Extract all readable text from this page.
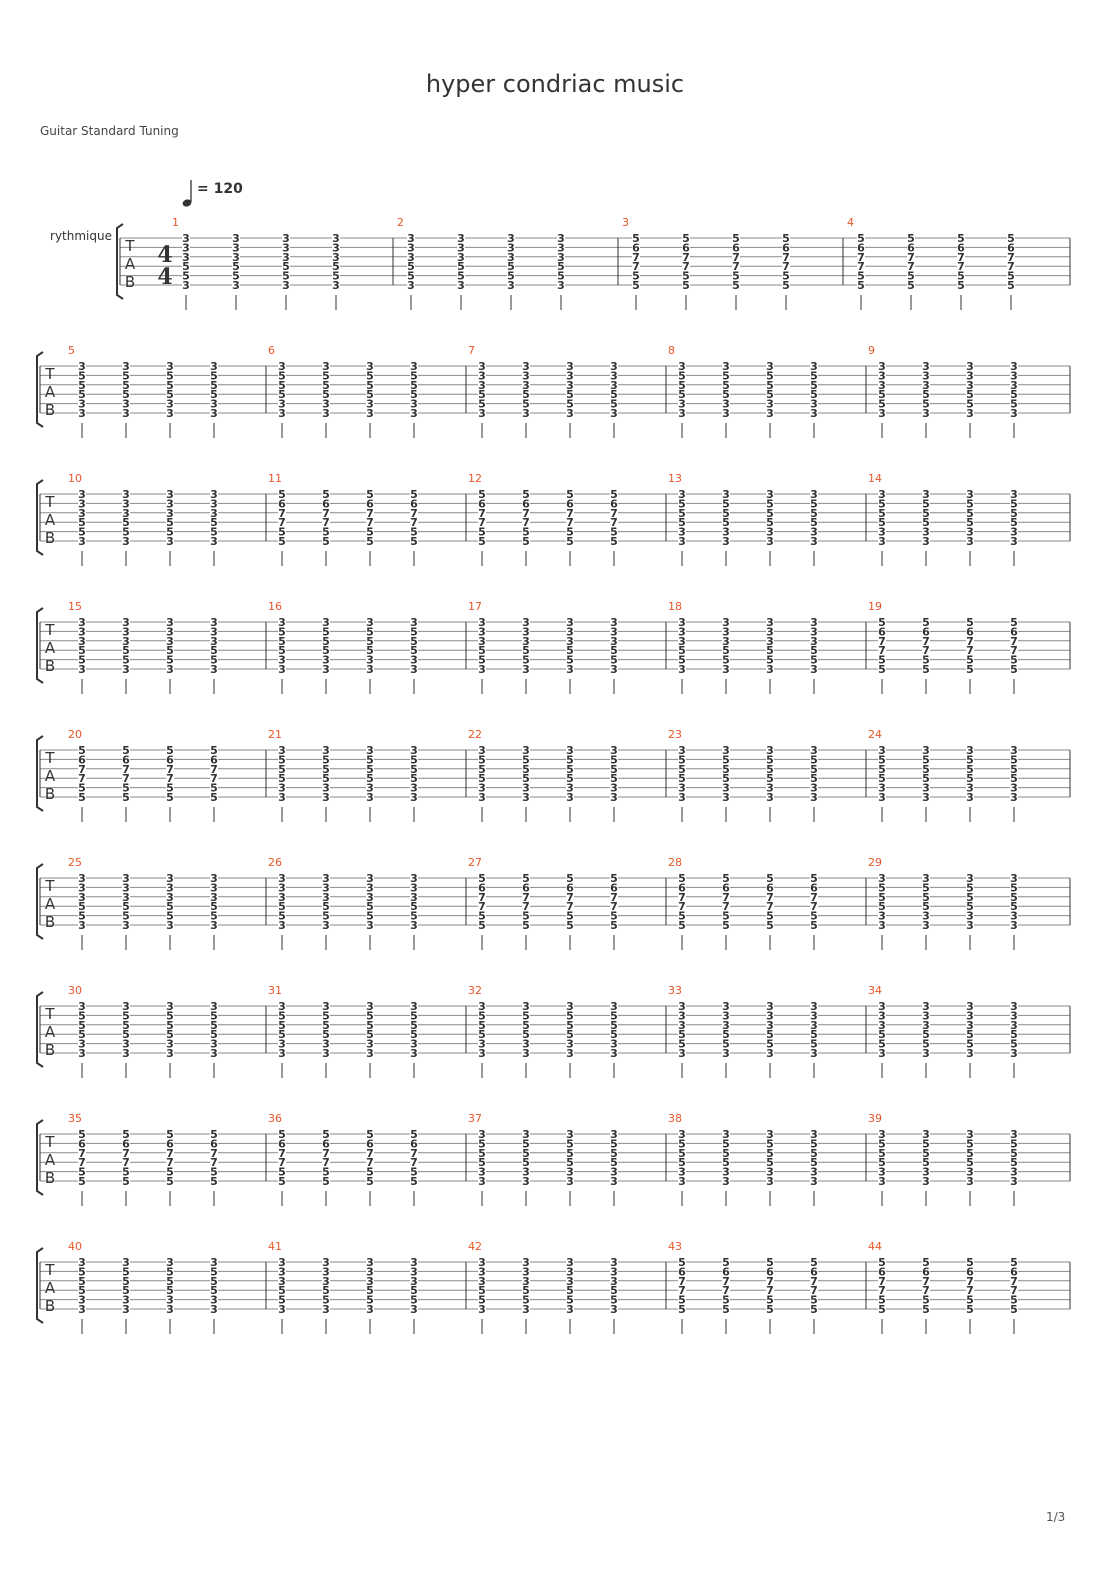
hyper condriac music
Guitar Standard Tuning
T
A
B
rythmique
4
4
= 120
1
3
3
3
5
5
3
3
3
3
5
5
3
3
3
3
5
5
3
3
3
3
5
5
3
2
3
3
3
5
5
3
3
3
3
5
5
3
3
3
3
5
5
3
3
3
3
5
5
3
3
5
6
7
7
5
5
5
6
7
7
5
5
5
6
7
7
5
5
5
6
7
7
5
5
4
5
6
7
7
5
5
5
6
7
7
5
5
5
6
7
7
5
5
5
6
7
7
5
5
T
A
B
5
3
5
5
5
3
3
3
5
5
5
3
3
3
5
5
5
3
3
3
5
5
5
3
3
6
3
5
5
5
3
3
3
5
5
5
3
3
3
5
5
5
3
3
3
5
5
5
3
3
7
3
3
3
5
5
3
3
3
3
5
5
3
3
3
3
5
5
3
3
3
3
5
5
3
8
3
5
5
5
3
3
3
5
5
5
3
3
3
5
5
5
3
3
3
5
5
5
3
3
9
3
3
3
5
5
3
3
3
3
5
5
3
3
3
3
5
5
3
3
3
3
5
5
3
T
A
B
10
3
3
3
5
5
3
3
3
3
5
5
3
3
3
3
5
5
3
3
3
3
5
5
3
11
5
6
7
7
5
5
5
6
7
7
5
5
5
6
7
7
5
5
5
6
7
7
5
5
12
5
6
7
7
5
5
5
6
7
7
5
5
5
6
7
7
5
5
5
6
7
7
5
5
13
3
5
5
5
3
3
3
5
5
5
3
3
3
5
5
5
3
3
3
5
5
5
3
3
14
3
5
5
5
3
3
3
5
5
5
3
3
3
5
5
5
3
3
3
5
5
5
3
3
T
A
B
15
3
3
3
5
5
3
3
3
3
5
5
3
3
3
3
5
5
3
3
3
3
5
5
3
16
3
5
5
5
3
3
3
5
5
5
3
3
3
5
5
5
3
3
3
5
5
5
3
3
17
3
3
3
5
5
3
3
3
3
5
5
3
3
3
3
5
5
3
3
3
3
5
5
3
18
3
3
3
5
5
3
3
3
3
5
5
3
3
3
3
5
5
3
3
3
3
5
5
3
19
5
6
7
7
5
5
5
6
7
7
5
5
5
6
7
7
5
5
5
6
7
7
5
5
T
A
B
20
5
6
7
7
5
5
5
6
7
7
5
5
5
6
7
7
5
5
5
6
7
7
5
5
21
3
5
5
5
3
3
3
5
5
5
3
3
3
5
5
5
3
3
3
5
5
5
3
3
22
3
5
5
5
3
3
3
5
5
5
3
3
3
5
5
5
3
3
3
5
5
5
3
3
23
3
5
5
5
3
3
3
5
5
5
3
3
3
5
5
5
3
3
3
5
5
5
3
3
24
3
5
5
5
3
3
3
5
5
5
3
3
3
5
5
5
3
3
3
5
5
5
3
3
T
A
B
25
3
3
3
5
5
3
3
3
3
5
5
3
3
3
3
5
5
3
3
3
3
5
5
3
26
3
3
3
5
5
3
3
3
3
5
5
3
3
3
3
5
5
3
3
3
3
5
5
3
27
5
6
7
7
5
5
5
6
7
7
5
5
5
6
7
7
5
5
5
6
7
7
5
5
28
5
6
7
7
5
5
5
6
7
7
5
5
5
6
7
7
5
5
5
6
7
7
5
5
29
3
5
5
5
3
3
3
5
5
5
3
3
3
5
5
5
3
3
3
5
5
5
3
3
T
A
B
30
3
5
5
5
3
3
3
5
5
5
3
3
3
5
5
5
3
3
3
5
5
5
3
3
31
3
5
5
5
3
3
3
5
5
5
3
3
3
5
5
5
3
3
3
5
5
5
3
3
32
3
5
5
5
3
3
3
5
5
5
3
3
3
5
5
5
3
3
3
5
5
5
3
3
33
3
3
3
5
5
3
3
3
3
5
5
3
3
3
3
5
5
3
3
3
3
5
5
3
34
3
3
3
5
5
3
3
3
3
5
5
3
3
3
3
5
5
3
3
3
3
5
5
3
T
A
B
35
5
6
7
7
5
5
5
6
7
7
5
5
5
6
7
7
5
5
5
6
7
7
5
5
36
5
6
7
7
5
5
5
6
7
7
5
5
5
6
7
7
5
5
5
6
7
7
5
5
37
3
5
5
5
3
3
3
5
5
5
3
3
3
5
5
5
3
3
3
5
5
5
3
3
38
3
5
5
5
3
3
3
5
5
5
3
3
3
5
5
5
3
3
3
5
5
5
3
3
39
3
5
5
5
3
3
3
5
5
5
3
3
3
5
5
5
3
3
3
5
5
5
3
3
T
A
B
40
3
5
5
5
3
3
3
5
5
5
3
3
3
5
5
5
3
3
3
5
5
5
3
3
41
3
3
3
5
5
3
3
3
3
5
5
3
3
3
3
5
5
3
3
3
3
5
5
3
42
3
3
3
5
5
3
3
3
3
5
5
3
3
3
3
5
5
3
3
3
3
5
5
3
43
5
6
7
7
5
5
5
6
7
7
5
5
5
6
7
7
5
5
5
6
7
7
5
5
44
5
6
7
7
5
5
5
6
7
7
5
5
5
6
7
7
5
5
5
6
7
7
5
5
1/3
